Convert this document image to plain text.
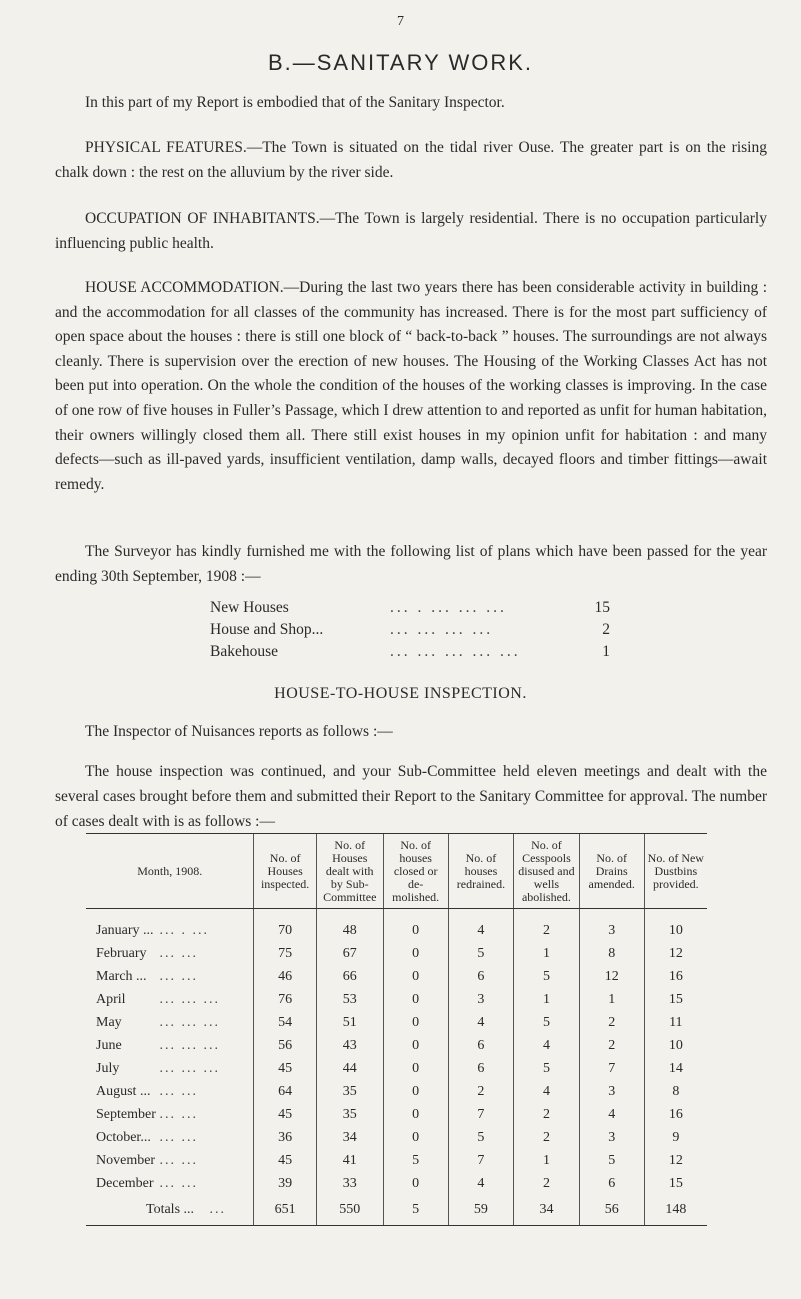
7
B.—SANITARY WORK.

In this part of my Report is embodied that of the Sanitary Inspector.

PHYSICAL FEATURES.—The Town is situated on the tidal river Ouse. The greater part is on the rising chalk down : the rest on the alluvium by the river side.

OCCUPATION OF INHABITANTS.—The Town is largely residential. There is no occupation particularly influencing public health.

HOUSE ACCOMMODATION.—During the last two years there has been considerable activity in building : and the accommodation for all classes of the community has increased. There is for the most part sufficiency of open space about the houses : there is still one block of “ back-to-back ” houses. The surroundings are not always cleanly. There is supervision over the erection of new houses. The Housing of the Working Classes Act has not been put into operation. On the whole the condition of the houses of the working classes is improving. In the case of one row of five houses in Fuller’s Passage, which I drew attention to and reported as unfit for human habitation, their owners willingly closed them all. There still exist houses in my opinion unfit for habitation : and many defects—such as ill-paved yards, insufficient ventilation, damp walls, decayed floors and timber fittings—await remedy.

The Surveyor has kindly furnished me with the following list of plans which have been passed for the year ending 30th September, 1908 :—

New Houses	... . ... ... ...	15
House and Shop...	... ... ... ...	2
Bakehouse	... ... ... ... ...	1
HOUSE-TO-HOUSE INSPECTION.

The Inspector of Nuisances reports as follows :—

The house inspection was continued, and your Sub-Committee held eleven meetings and dealt with the several cases brought before them and submitted their Report to the Sanitary Committee for approval. The number of cases dealt with is as follows :—

Month, 1908.	No. of Houses inspected.	No. of Houses dealt with by Sub-Committee	No. of houses closed or de-molished.	No. of houses redrained.	No. of Cesspools disused and wells abolished.	No. of Drains amended.	No. of New Dustbins provided.
January ... ... . ...	70	48	0	4	2	3	10
February ... ...	75	67	0	5	1	8	12
March ... ... ...	46	66	0	6	5	12	16
April ... ... ...	76	53	0	3	1	1	15
May ... ... ...	54	51	0	4	5	2	11
June ... ... ...	56	43	0	6	4	2	10
July ... ... ...	45	44	0	6	5	7	14
August ... ... ...	64	35	0	2	4	3	8
September ... ...	45	35	0	7	2	4	16
October... ... ...	36	34	0	5	2	3	9
November ... ...	45	41	5	7	1	5	12
December ... ...	39	33	0	4	2	6	15
Totals ... ...	651	550	5	59	34	56	148
